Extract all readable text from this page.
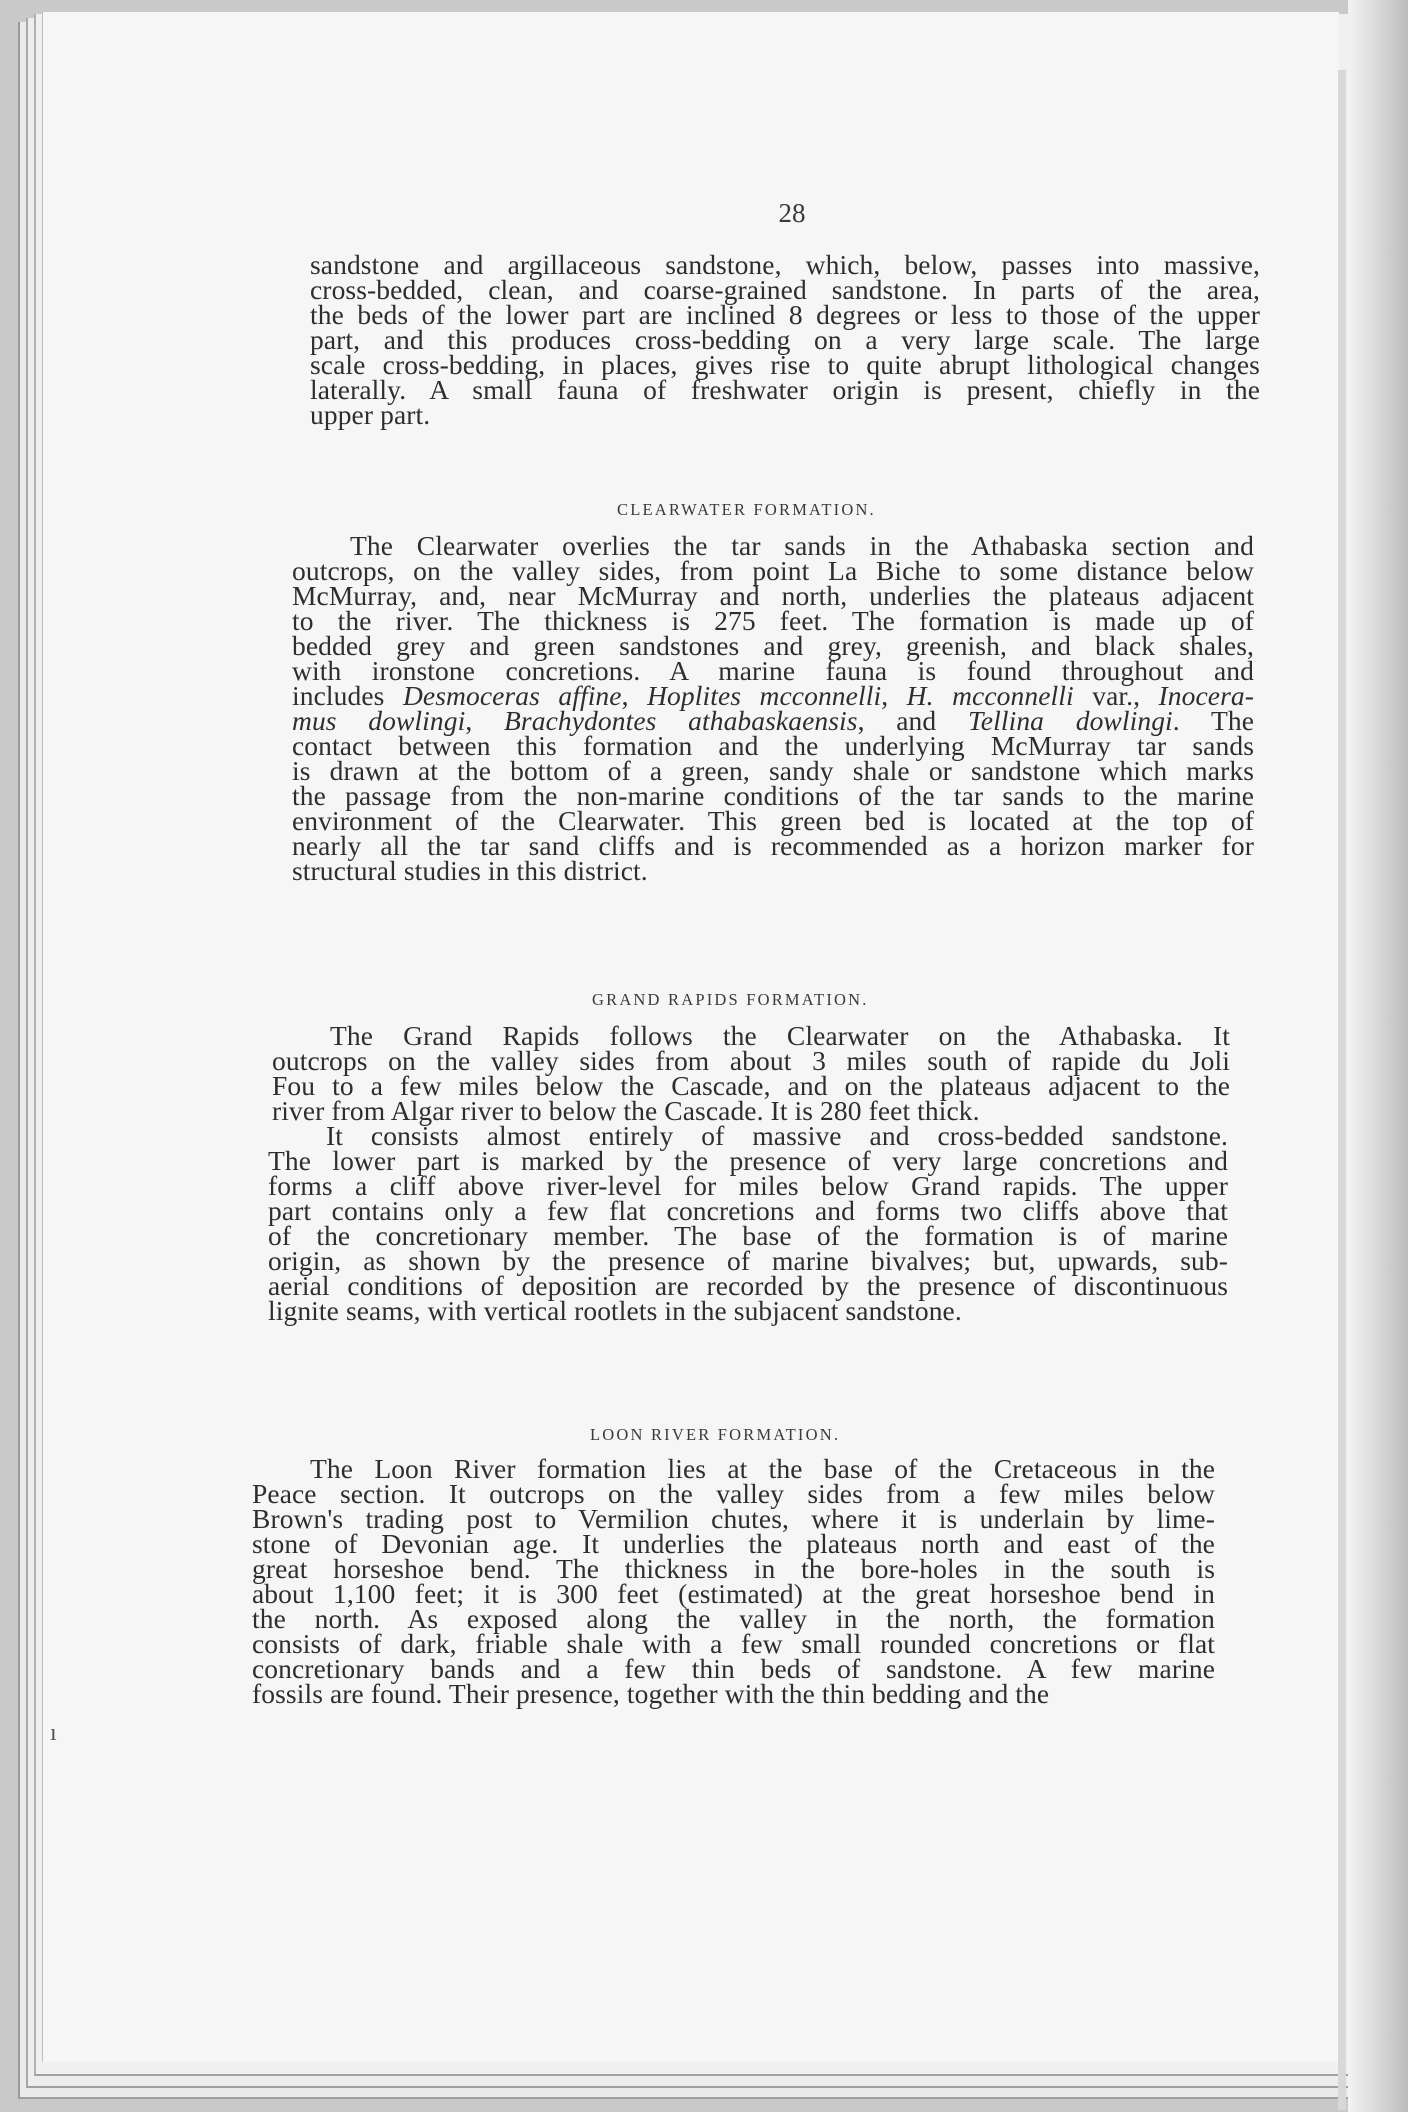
ı
28
sandstone and argillaceous sandstone, which, below, passes into massive,
cross-bedded, clean, and coarse-grained sandstone. In parts of the area,
the beds of the lower part are inclined 8 degrees or less to those of the upper
part, and this produces cross-bedding on a very large scale. The large
scale cross-bedding, in places, gives rise to quite abrupt lithological changes
laterally. A small fauna of freshwater origin is present, chiefly in the
upper part.
CLEARWATER FORMATION.
The Clearwater overlies the tar sands in the Athabaska section and
outcrops, on the valley sides, from point La Biche to some distance below
McMurray, and, near McMurray and north, underlies the plateaus adjacent
to the river. The thickness is 275 feet. The formation is made up of
bedded grey and green sandstones and grey, greenish, and black shales,
with ironstone concretions. A marine fauna is found throughout and
includes Desmoceras affine, Hoplites mcconnelli, H. mcconnelli var., Inocera-
mus dowlingi, Brachydontes athabaskaensis, and Tellina dowlingi. The
contact between this formation and the underlying McMurray tar sands
is drawn at the bottom of a green, sandy shale or sandstone which marks
the passage from the non-marine conditions of the tar sands to the marine
environment of the Clearwater. This green bed is located at the top of
nearly all the tar sand cliffs and is recommended as a horizon marker for
structural studies in this district.
GRAND RAPIDS FORMATION.
The Grand Rapids follows the Clearwater on the Athabaska. It
outcrops on the valley sides from about 3 miles south of rapide du Joli
Fou to a few miles below the Cascade, and on the plateaus adjacent to the
river from Algar river to below the Cascade. It is 280 feet thick.
It consists almost entirely of massive and cross-bedded sandstone.
The lower part is marked by the presence of very large concretions and
forms a cliff above river-level for miles below Grand rapids. The upper
part contains only a few flat concretions and forms two cliffs above that
of the concretionary member. The base of the formation is of marine
origin, as shown by the presence of marine bivalves; but, upwards, sub-
aerial conditions of deposition are recorded by the presence of discontinuous
lignite seams, with vertical rootlets in the subjacent sandstone.
LOON RIVER FORMATION.
The Loon River formation lies at the base of the Cretaceous in the
Peace section. It outcrops on the valley sides from a few miles below
Brown's trading post to Vermilion chutes, where it is underlain by lime-
stone of Devonian age. It underlies the plateaus north and east of the
great horseshoe bend. The thickness in the bore-holes in the south is
about 1,100 feet; it is 300 feet (estimated) at the great horseshoe bend in
the north. As exposed along the valley in the north, the formation
consists of dark, friable shale with a few small rounded concretions or flat
concretionary bands and a few thin beds of sandstone. A few marine
fossils are found. Their presence, together with the thin bedding and the
